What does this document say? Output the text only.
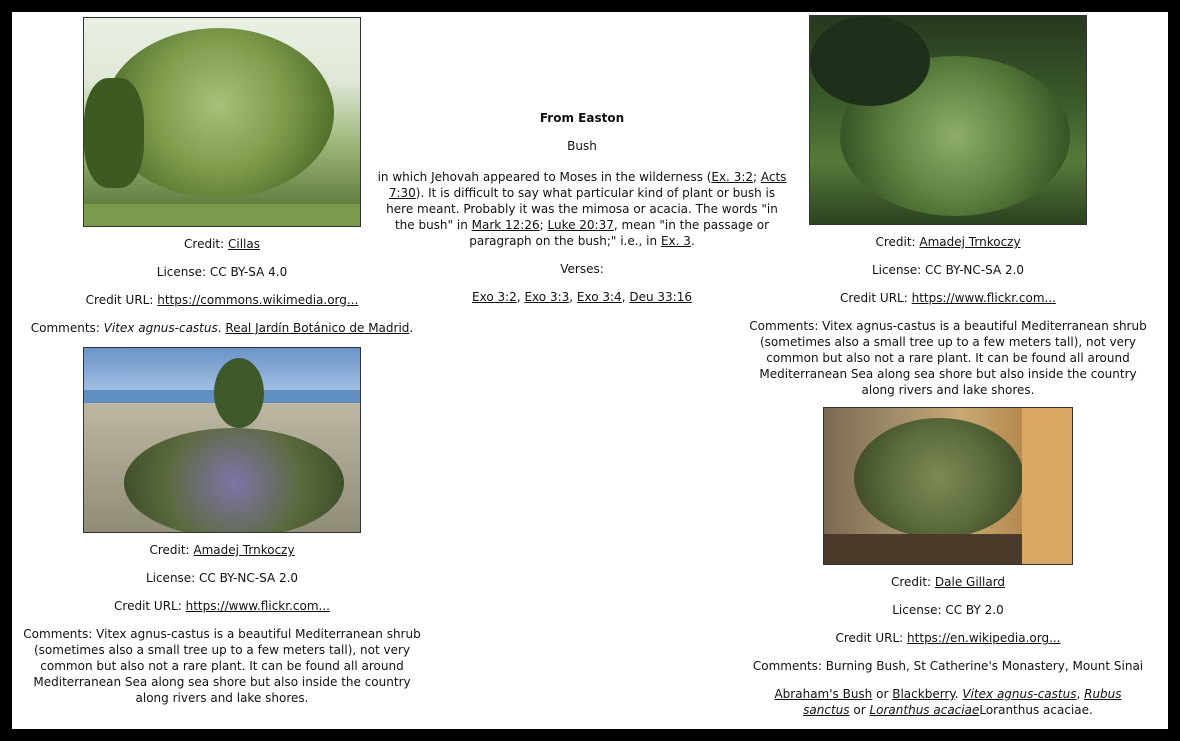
Credit: Cillas

License: CC BY-SA 4.0

Credit URL: https://commons.wikimedia.org...

Comments: Vitex agnus-castus. Real Jardín Botánico de Madrid.

Credit: Amadej Trnkoczy

License: CC BY-NC-SA 2.0

Credit URL: https://www.flickr.com...

Comments: Vitex agnus-castus is a beautiful Mediterranean shrub (sometimes also a small tree up to a few meters tall), not very common but also not a rare plant. It can be found all around Mediterranean Sea along sea shore but also inside the country along rivers and lake shores.

From Easton

Bush

in which Jehovah appeared to Moses in the wilderness (Ex. 3:2; Acts 7:30). It is difficult to say what particular kind of plant or bush is here meant. Probably it was the mimosa or acacia. The words "in the bush" in Mark 12:26; Luke 20:37, mean "in the passage or paragraph on the bush;" i.e., in Ex. 3.

Verses:

Exo 3:2, Exo 3:3, Exo 3:4, Deu 33:16

Credit: Amadej Trnkoczy

License: CC BY-NC-SA 2.0

Credit URL: https://www.flickr.com...

Comments: Vitex agnus-castus is a beautiful Mediterranean shrub (sometimes also a small tree up to a few meters tall), not very common but also not a rare plant. It can be found all around Mediterranean Sea along sea shore but also inside the country along rivers and lake shores.

Credit: Dale Gillard

License: CC BY 2.0

Credit URL: https://en.wikipedia.org...

Comments: Burning Bush, St Catherine's Monastery, Mount Sinai

Abraham's Bush or Blackberry. Vitex agnus-castus, Rubus sanctus or Loranthus acaciaeLoranthus acaciae.
